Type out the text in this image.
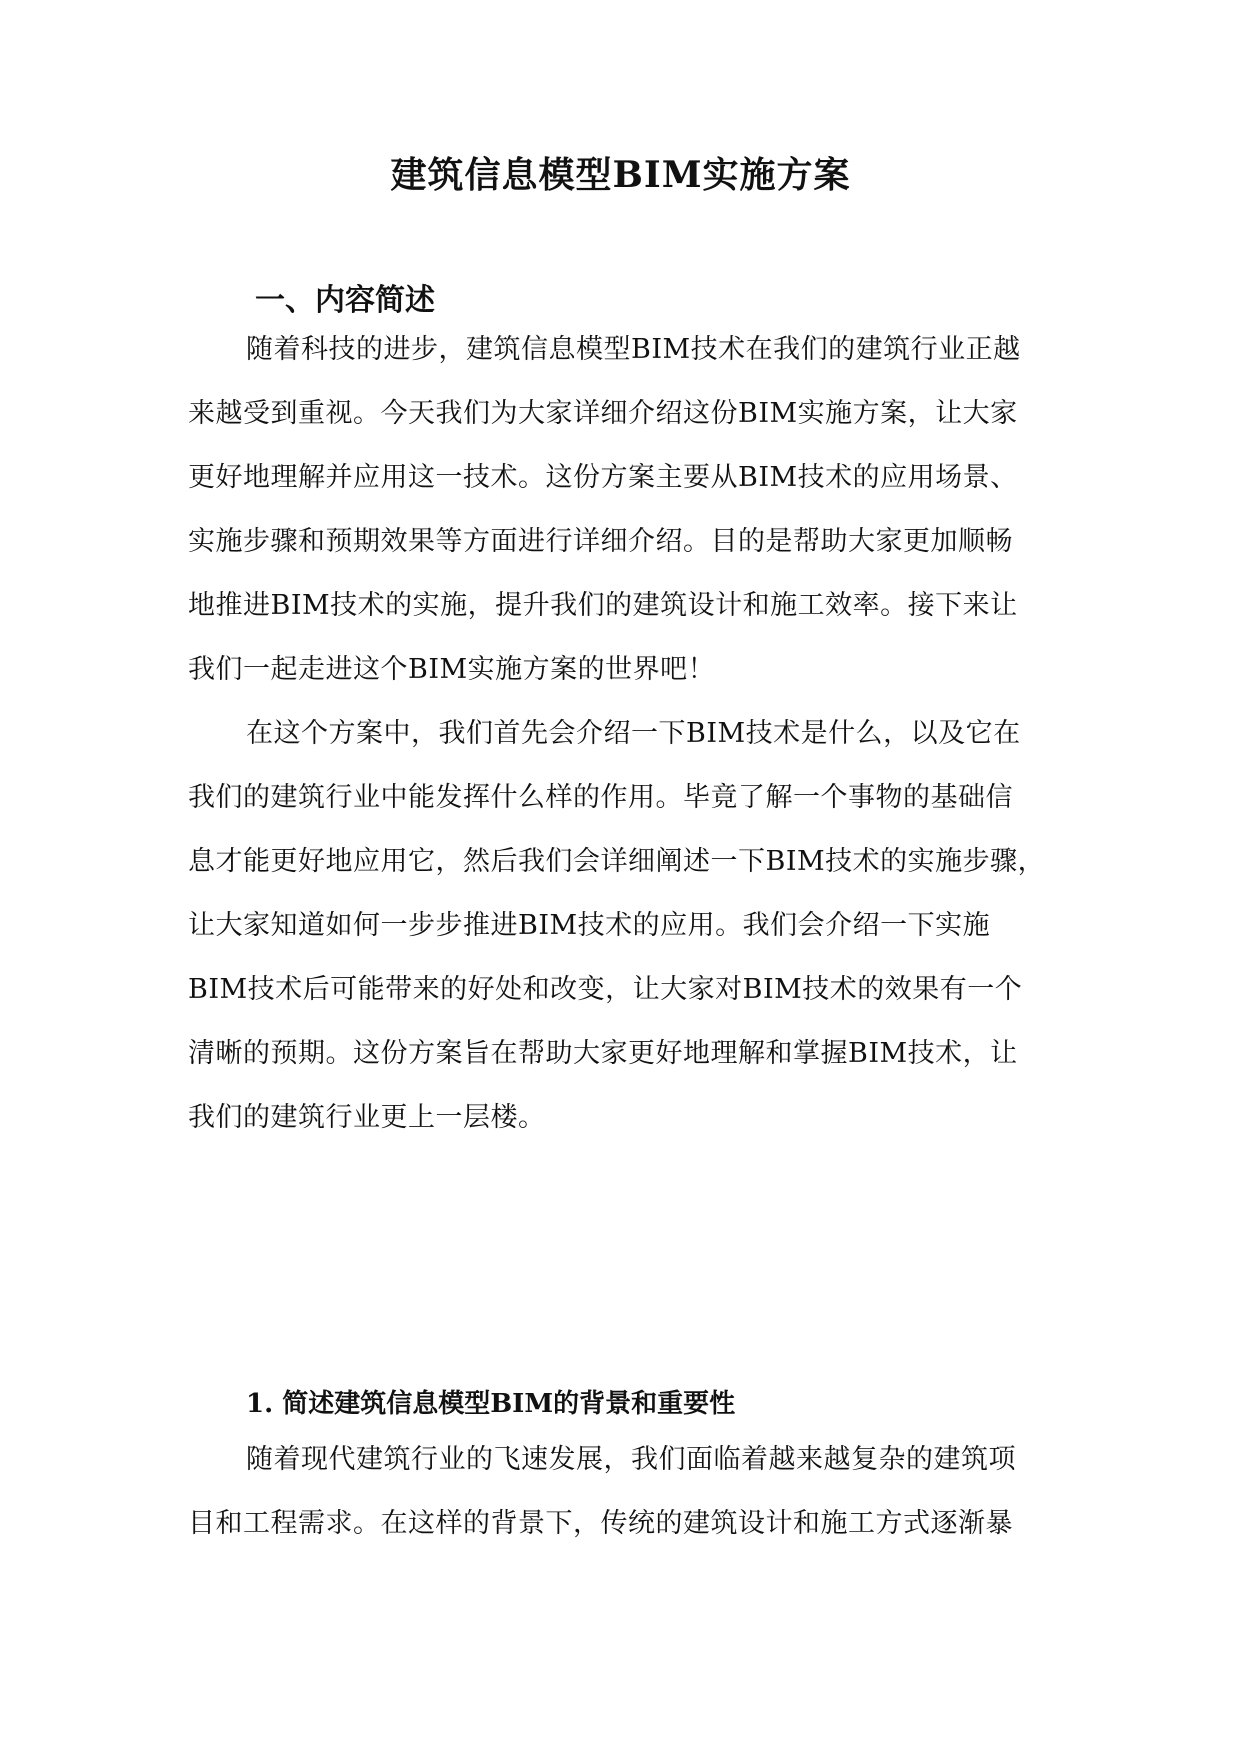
建筑信息模型BIM实施方案
一、内容简述
随着科技的进步，建筑信息模型BIM技术在我们的建筑行业正越
来越受到重视。今天我们为大家详细介绍这份BIM实施方案，让大家
更好地理解并应用这一技术。这份方案主要从BIM技术的应用场景、
实施步骤和预期效果等方面进行详细介绍。目的是帮助大家更加顺畅
地推进BIM技术的实施，提升我们的建筑设计和施工效率。接下来让
我们一起走进这个BIM实施方案的世界吧！
在这个方案中，我们首先会介绍一下BIM技术是什么，以及它在
我们的建筑行业中能发挥什么样的作用。毕竟了解一个事物的基础信
息才能更好地应用它，然后我们会详细阐述一下BIM技术的实施步骤，
让大家知道如何一步步推进BIM技术的应用。我们会介绍一下实施
BIM技术后可能带来的好处和改变，让大家对BIM技术的效果有一个
清晰的预期。这份方案旨在帮助大家更好地理解和掌握BIM技术，让
我们的建筑行业更上一层楼。
1. 简述建筑信息模型BIM的背景和重要性
随着现代建筑行业的飞速发展，我们面临着越来越复杂的建筑项
目和工程需求。在这样的背景下，传统的建筑设计和施工方式逐渐暴
